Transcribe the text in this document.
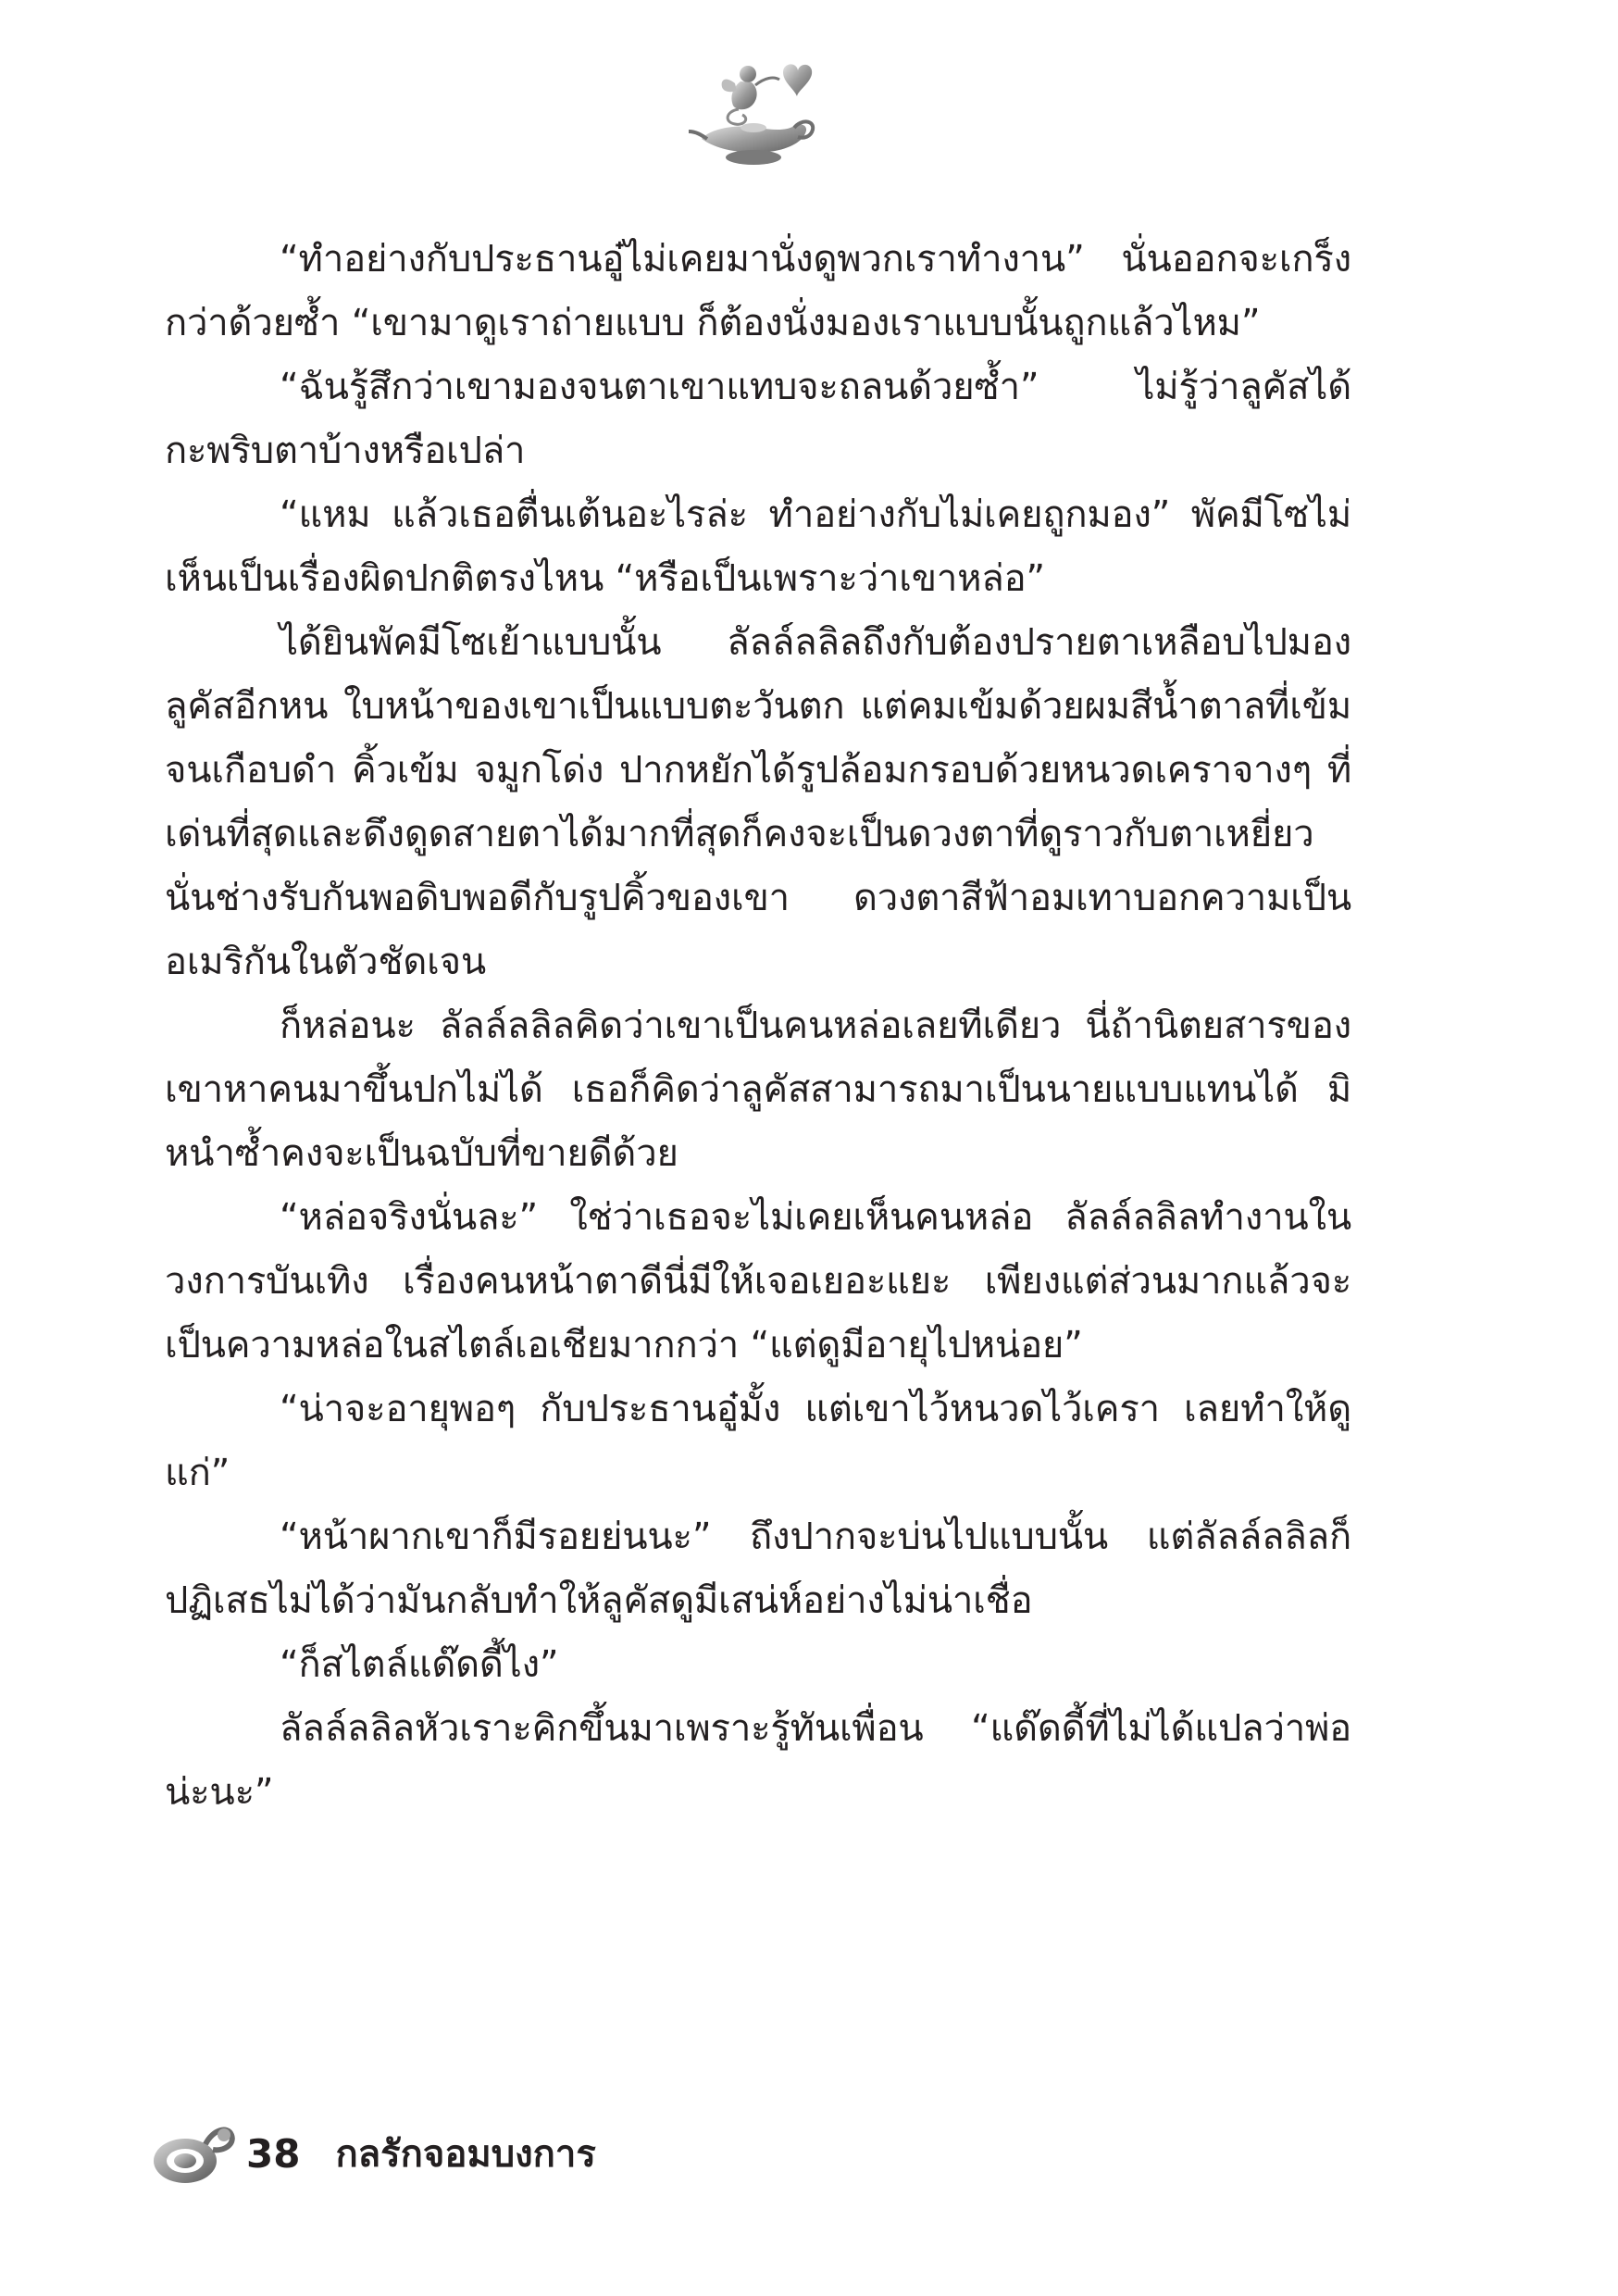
“ทำอย่างกับประธานอู๋ไม่เคยมานั่งดูพวกเราทำงาน” นั่นออกจะเกร็งกว่าด้วยซ้ำ “เขามาดูเราถ่ายแบบ ก็ต้องนั่งมองเราแบบนั้นถูกแล้วไหม”

“ฉันรู้สึกว่าเขามองจนตาเขาแทบจะถลนด้วยซ้ำ” ไม่รู้ว่าลูคัสได้กะพริบตาบ้างหรือเปล่า

“แหม แล้วเธอตื่นเต้นอะไรล่ะ ทำอย่างกับไม่เคยถูกมอง” พัคมีโซไม่เห็นเป็นเรื่องผิดปกติตรงไหน “หรือเป็นเพราะว่าเขาหล่อ”

ได้ยินพัคมีโซเย้าแบบนั้น ลัลล์ลลิลถึงกับต้องปรายตาเหลือบไปมองลูคัสอีกหน ใบหน้าของเขาเป็นแบบตะวันตก แต่คมเข้มด้วยผมสีน้ำตาลที่เข้มจนเกือบดำ คิ้วเข้ม จมูกโด่ง ปากหยักได้รูปล้อมกรอบด้วยหนวดเคราจางๆ ที่เด่นที่สุดและดึงดูดสายตาได้มากที่สุดก็คงจะเป็นดวงตาที่ดูราวกับตาเหยี่ยวนั่นช่างรับกันพอดิบพอดีกับรูปคิ้วของเขา ดวงตาสีฟ้าอมเทาบอกความเป็นอเมริกันในตัวชัดเจน

ก็หล่อนะ ลัลล์ลลิลคิดว่าเขาเป็นคนหล่อเลยทีเดียว นี่ถ้านิตยสารของเขาหาคนมาขึ้นปกไม่ได้ เธอก็คิดว่าลูคัสสามารถมาเป็นนายแบบแทนได้ มิหนำซ้ำคงจะเป็นฉบับที่ขายดีด้วย

“หล่อจริงนั่นละ” ใช่ว่าเธอจะไม่เคยเห็นคนหล่อ ลัลล์ลลิลทำงานในวงการบันเทิง เรื่องคนหน้าตาดีนี่มีให้เจอเยอะแยะ เพียงแต่ส่วนมากแล้วจะเป็นความหล่อในสไตล์เอเชียมากกว่า “แต่ดูมีอายุไปหน่อย”

“น่าจะอายุพอๆ กับประธานอู๋มั้ง แต่เขาไว้หนวดไว้เครา เลยทำให้ดูแก่”

“หน้าผากเขาก็มีรอยย่นนะ” ถึงปากจะบ่นไปแบบนั้น แต่ลัลล์ลลิลก็ปฏิเสธไม่ได้ว่ามันกลับทำให้ลูคัสดูมีเสน่ห์อย่างไม่น่าเชื่อ

“ก็สไตล์แด๊ดดี้ไง”

ลัลล์ลลิลหัวเราะคิกขึ้นมาเพราะรู้ทันเพื่อน “แด๊ดดี้ที่ไม่ได้แปลว่าพ่อน่ะนะ”

38 กลรักจอมบงการ
